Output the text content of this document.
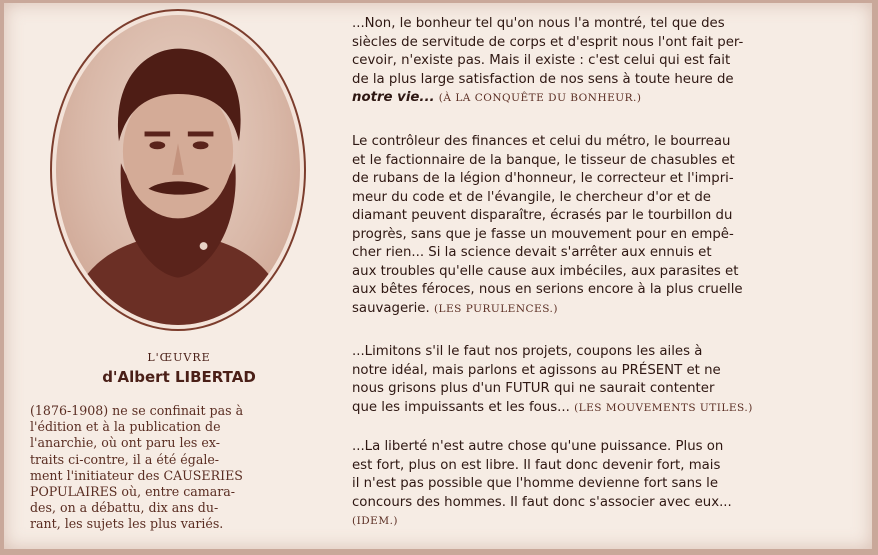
L'ŒUVRE
d'Albert LIBERTAD
(1876-1908) ne se confinait pas à
l'édition et à la publication de
l'anarchie, où ont paru les ex-
traits ci-contre, il a été égale-
ment l'initiateur des CAUSERIES
POPULAIRES où, entre camara-
des, on a débattu, dix ans du-
rant, les sujets les plus variés.
...Non, le bonheur tel qu'on nous l'a montré, tel que des
siècles de servitude de corps et d'esprit nous l'ont fait per-
cevoir, n'existe pas. Mais il existe : c'est celui qui est fait
de la plus large satisfaction de nos sens à toute heure de
notre vie... (À LA CONQUÊTE DU BONHEUR.)
Le contrôleur des finances et celui du métro, le bourreau
et le factionnaire de la banque, le tisseur de chasubles et
de rubans de la légion d'honneur, le correcteur et l'impri-
meur du code et de l'évangile, le chercheur d'or et de
diamant peuvent disparaître, écrasés par le tourbillon du
progrès, sans que je fasse un mouvement pour en empê-
cher rien... Si la science devait s'arrêter aux ennuis et
aux troubles qu'elle cause aux imbéciles, aux parasites et
aux bêtes féroces, nous en serions encore à la plus cruelle
sauvagerie. (LES PURULENCES.)
...Limitons s'il le faut nos projets, coupons les ailes à
notre idéal, mais parlons et agissons au PRÉSENT et ne
nous grisons plus d'un FUTUR qui ne saurait contenter
que les impuissants et les fous... (LES MOUVEMENTS UTILES.)
...La liberté n'est autre chose qu'une puissance. Plus on
est fort, plus on est libre. Il faut donc devenir fort, mais
il n'est pas possible que l'homme devienne fort sans le
concours des hommes. Il faut donc s'associer avec eux...
(IDEM.)
